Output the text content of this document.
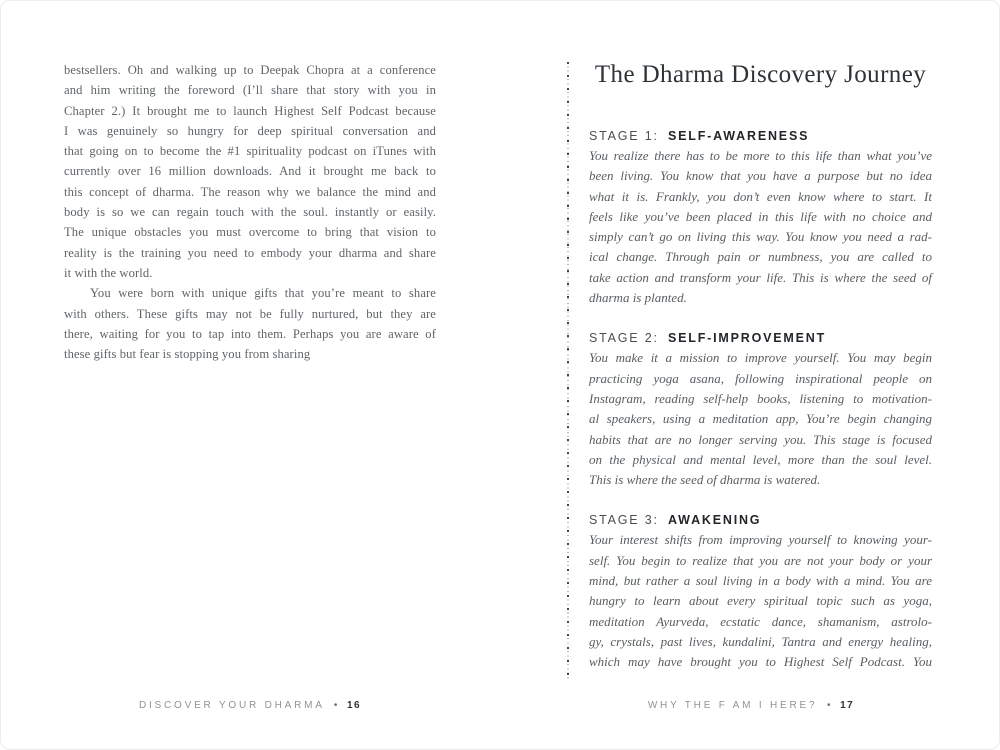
bestsellers. Oh and walking up to Deepak Chopra at a conference
and him writing the foreword (I’ll share that story with you in
Chapter 2.) It brought me to launch Highest Self Podcast because
I was genuinely so hungry for deep spiritual conversation and
that going on to become the #1 spirituality podcast on iTunes with
currently over 16 million downloads. And it brought me back to
this concept of dharma. The reason why we balance the mind and
body is so we can regain touch with the soul. instantly or easily.
The unique obstacles you must overcome to bring that vision to
reality is the training you need to embody your dharma and share
it with the world.
You were born with unique gifts that you’re meant to share
with others. These gifts may not be fully nurtured, but they are
there, waiting for you to tap into them. Perhaps you are aware of
these gifts but fear is stopping you from sharing
DISCOVER YOUR DHARMA • 16
The Dharma Discovery Journey
STAGE 1: SELF-AWARENESS
You realize there has to be more to this life than what you’ve
been living. You know that you have a purpose but no idea
what it is. Frankly, you don’t even know where to start. It
feels like you’ve been placed in this life with no choice and
simply can’t go on living this way. You know you need a rad-
ical change. Through pain or numbness, you are called to
take action and transform your life. This is where the seed of
dharma is planted.
STAGE 2: SELF-IMPROVEMENT
You make it a mission to improve yourself. You may begin
practicing yoga asana, following inspirational people on
Instagram, reading self-help books, listening to motivation-
al speakers, using a meditation app, You’re begin changing
habits that are no longer serving you. This stage is focused
on the physical and mental level, more than the soul level.
This is where the seed of dharma is watered.
STAGE 3: AWAKENING
Your interest shifts from improving yourself to knowing your-
self. You begin to realize that you are not your body or your
mind, but rather a soul living in a body with a mind. You are
hungry to learn about every spiritual topic such as yoga,
meditation Ayurveda, ecstatic dance, shamanism, astrolo-
gy, crystals, past lives, kundalini, Tantra and energy healing,
which may have brought you to Highest Self Podcast. You
WHY THE F AM I HERE? • 17
